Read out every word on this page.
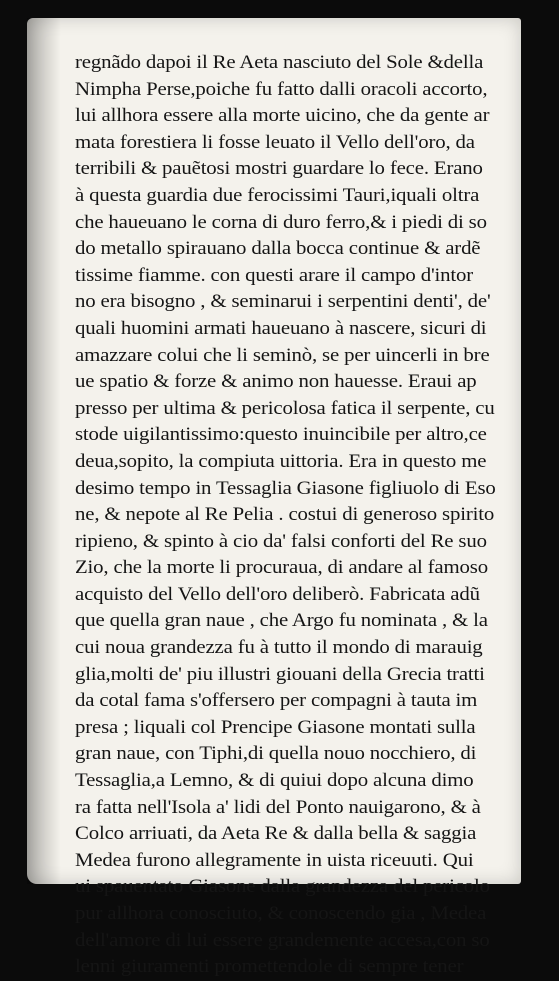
regnãdo dapoi il Re Aeta nasciuto del Sole &della
Nimpha Perse,poiche fu fatto dalli oracoli accorto,
lui allhora essere alla morte uicino, che da gente ar
mata forestiera li fosse leuato il Vello dell'oro, da
terribili & pauẽtosi mostri guardare lo fece. Erano
à questa guardia due ferocissimi Tauri,iquali oltra
che haueuano le corna di duro ferro,& i piedi di so
do metallo spirauano dalla bocca continue & ardẽ
tissime fiamme. con questi arare il campo d'intor
no era bisogno , & seminarui i serpentini denti', de'
quali huomini armati haueuano à nascere, sicuri di
amazzare colui che li seminò, se per uincerli in bre
ue spatio & forze & animo non hauesse. Eraui ap
presso per ultima & pericolosa fatica il serpente, cu
stode uigilantissimo:questo inuincibile per altro,ce
deua,sopito, la compiuta uittoria. Era in questo me
desimo tempo in Tessaglia Giasone figliuolo di Eso
ne, & nepote al Re Pelia . costui di generoso spirito
ripieno, & spinto à cio da' falsi conforti del Re suo
Zio, che la morte li procuraua, di andare al famoso
acquisto del Vello dell'oro deliberò. Fabricata adũ
que quella gran naue , che Argo fu nominata , & la
cui noua grandezza fu à tutto il mondo di marauig
glia,molti de' piu illustri giouani della Grecia tratti
da cotal fama s'offersero per compagni à tauta im
presa ; liquali col Prencipe Giasone montati sulla
gran naue, con Tiphi,di quella nouo nocchiero, di
Tessaglia,a Lemno, & di quiui dopo alcuna dimo
ra fatta nell'Isola a' lidi del Ponto nauigarono, & à
Colco arriuati, da Aeta Re & dalla bella & saggia
Medea furono allegramente in uista riceuuti. Qui
ui spauentato Giasone dalla grandezza del pericolo
pur allhora conosciuto, & conoscendo gia , Medea
dell'amore di lui essere grandemente accesa,con so
lenni giuramenti promettendole di sempre tener
